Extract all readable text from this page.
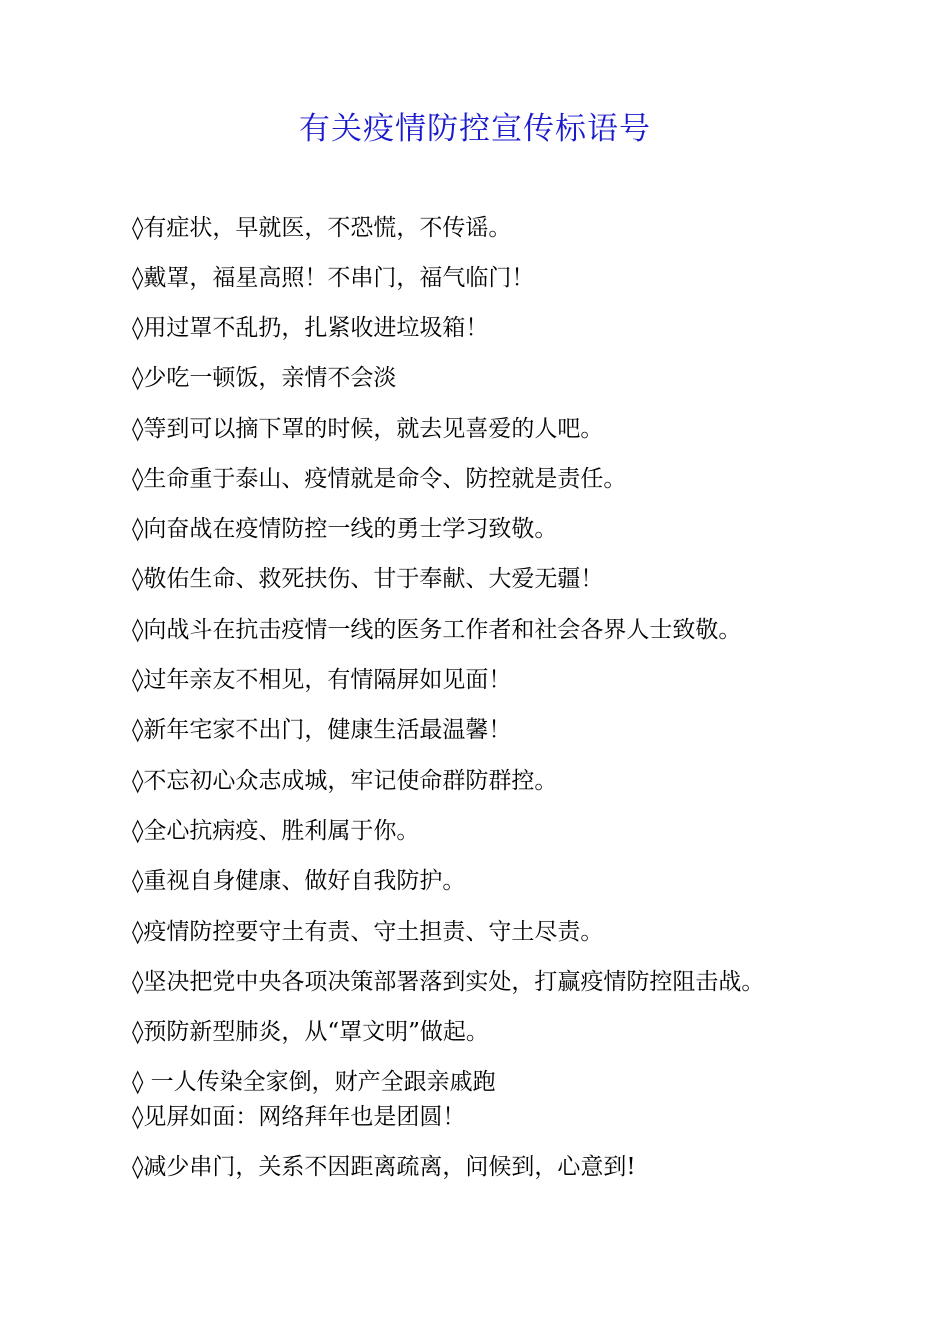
有关疫情防控宣传标语号
◊有症状，早就医，不恐慌，不传谣。
◊戴罩，福星高照！不串门，福气临门！
◊用过罩不乱扔，扎紧收进垃圾箱！
◊少吃一顿饭，亲情不会淡
◊等到可以摘下罩的时候，就去见喜爱的人吧。
◊生命重于泰山、疫情就是命令、防控就是责任。
◊向奋战在疫情防控一线的勇士学习致敬。
◊敬佑生命、救死扶伤、甘于奉献、大爱无疆！
◊向战斗在抗击疫情一线的医务工作者和社会各界人士致敬。
◊过年亲友不相见，有情隔屏如见面！
◊新年宅家不出门，健康生活最温馨！
◊不忘初心众志成城，牢记使命群防群控。
◊全心抗病疫、胜利属于你。
◊重视自身健康、做好自我防护。
◊疫情防控要守土有责、守土担责、守土尽责。
◊坚决把党中央各项决策部署落到实处，打赢疫情防控阻击战。
◊预防新型肺炎，从“罩文明”做起。
◊ 一人传染全家倒，财产全跟亲戚跑
◊见屏如面：网络拜年也是团圆！
◊减少串门，关系不因距离疏离，问候到，心意到!
